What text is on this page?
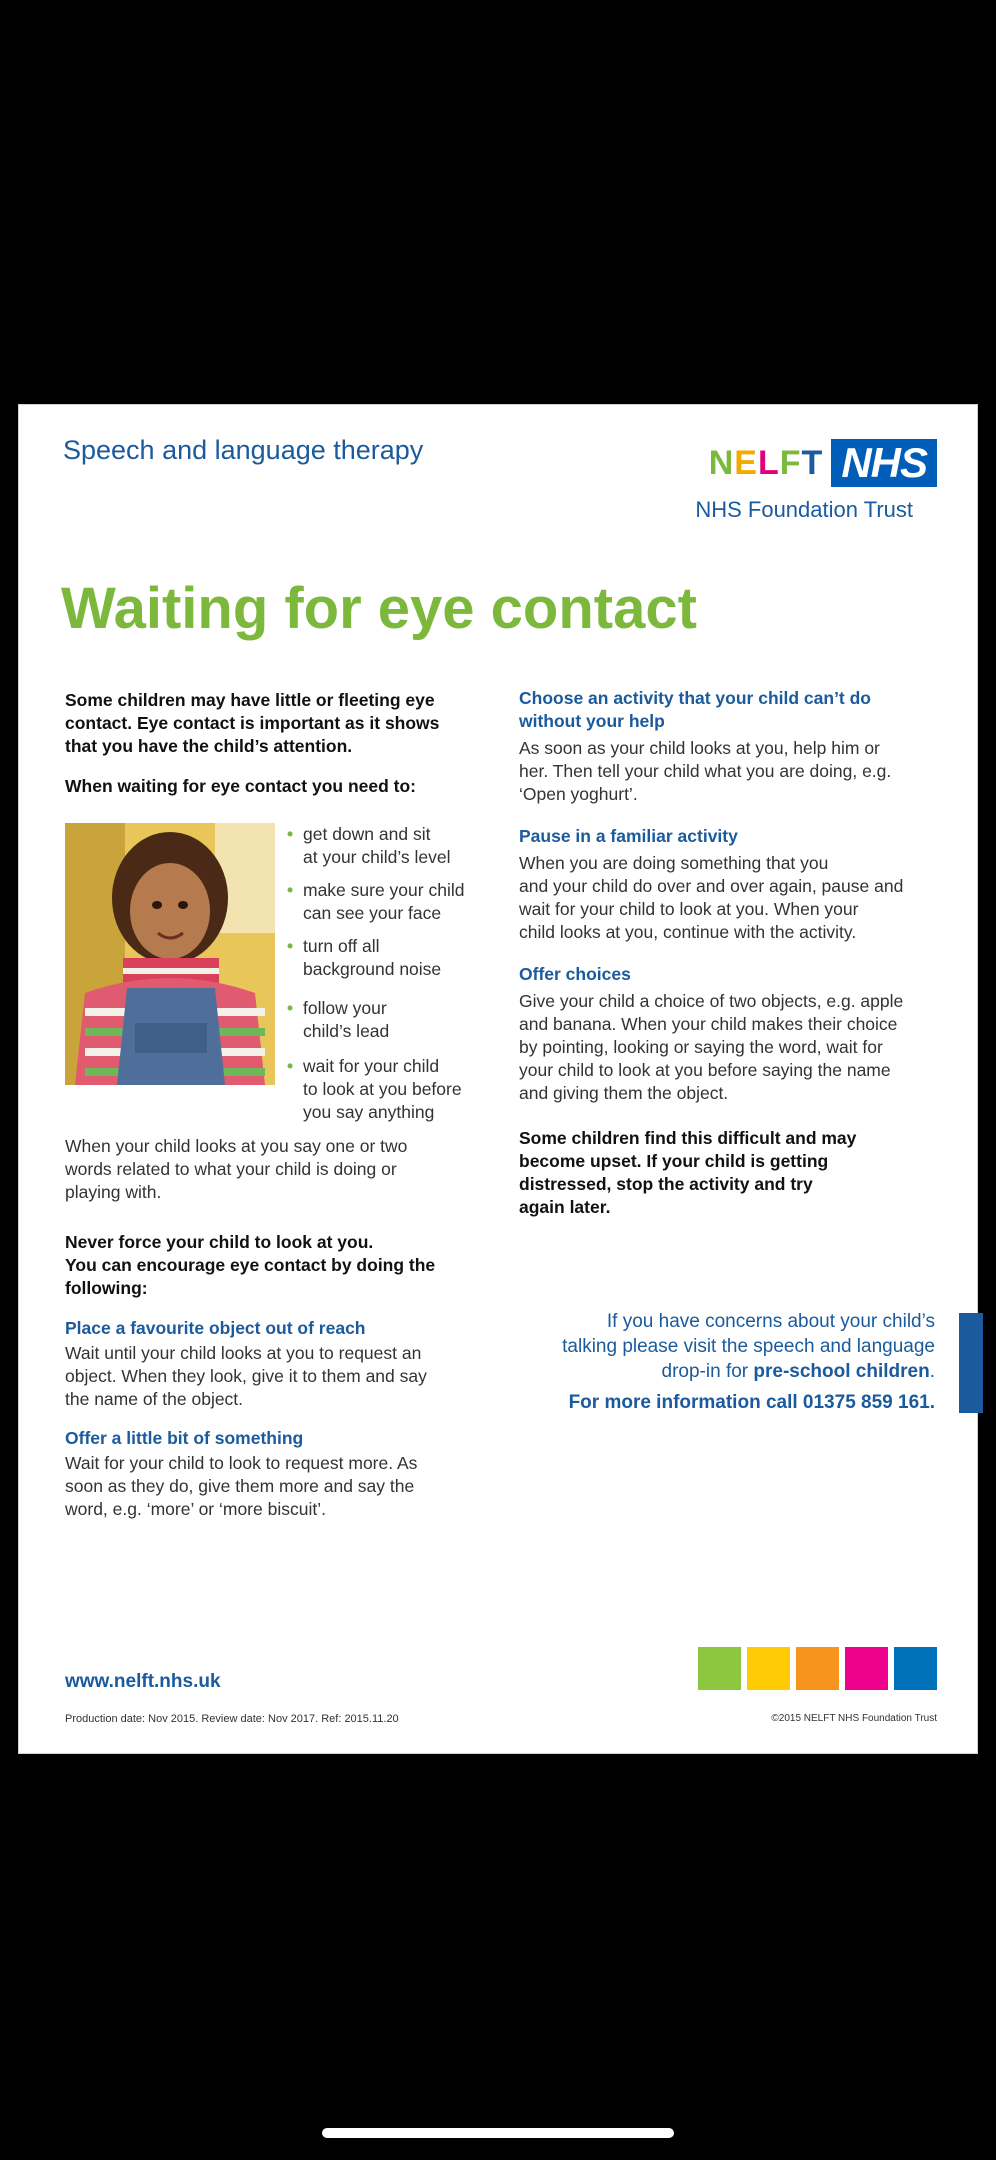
Speech and language therapy	NELFT NHS
NHS Foundation Trust
Waiting for eye contact
Some children may have little or fleeting eye
contact. Eye contact is important as it shows
that you have the child’s attention.
When waiting for eye contact you need to:
• get down and sit
at your child’s level
• make sure your child
can see your face
• turn off all
background noise
• follow your
child’s lead
• wait for your child
to look at you before
you say anything
When your child looks at you say one or two
words related to what your child is doing or
playing with.
Never force your child to look at you.
You can encourage eye contact by doing the
following:
Place a favourite object out of reach
Wait until your child looks at you to request an
object. When they look, give it to them and say
the name of the object.
Offer a little bit of something
Wait for your child to look to request more. As
soon as they do, give them more and say the
word, e.g. ‘more’ or ‘more biscuit’.
Choose an activity that your child can’t do
without your help
As soon as your child looks at you, help him or
her. Then tell your child what you are doing, e.g.
‘Open yoghurt’.
Pause in a familiar activity
When you are doing something that you
and your child do over and over again, pause and
wait for your child to look at you. When your
child looks at you, continue with the activity.
Offer choices
Give your child a choice of two objects, e.g. apple
and banana. When your child makes their choice
by pointing, looking or saying the word, wait for
your child to look at you before saying the name
and giving them the object.
Some children find this difficult and may
become upset. If your child is getting
distressed, stop the activity and try
again later.
If you have concerns about your child’s
talking please visit the speech and language
drop-in for pre-school children.
For more information call 01375 859 161.
www.nelft.nhs.uk
Production date: Nov 2015. Review date: Nov 2017. Ref: 2015.11.20	©2015 NELFT NHS Foundation Trust
